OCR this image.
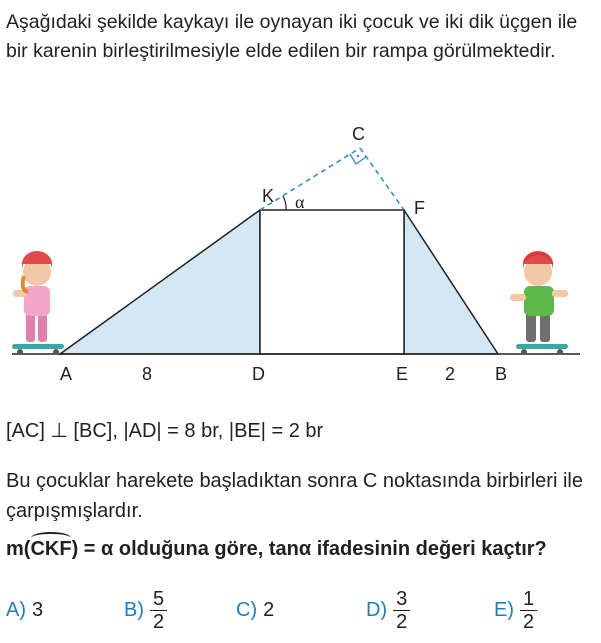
Aşağıdaki şekilde kaykayı ile oynayan iki çocuk ve iki dik üçgen ile bir karenin birleştirilmesiyle elde edilen bir rampa görülmektedir.

C
K α	F
A	8	D	E 2 B

[AC] ⊥ [BC], |AD| = 8 br, |BE| = 2 br

Bu çocuklar harekete başladıktan sonra C noktasında birbirleri ile çarpışmışlardır.

m(CKF) = α olduğuna göre, tanα ifadesinin değeri kaçtır?

A) 3	$B) \frac{5}{2}$	C) 2	$D) \frac{3}{2}$	$E) \frac{1}{2}$
